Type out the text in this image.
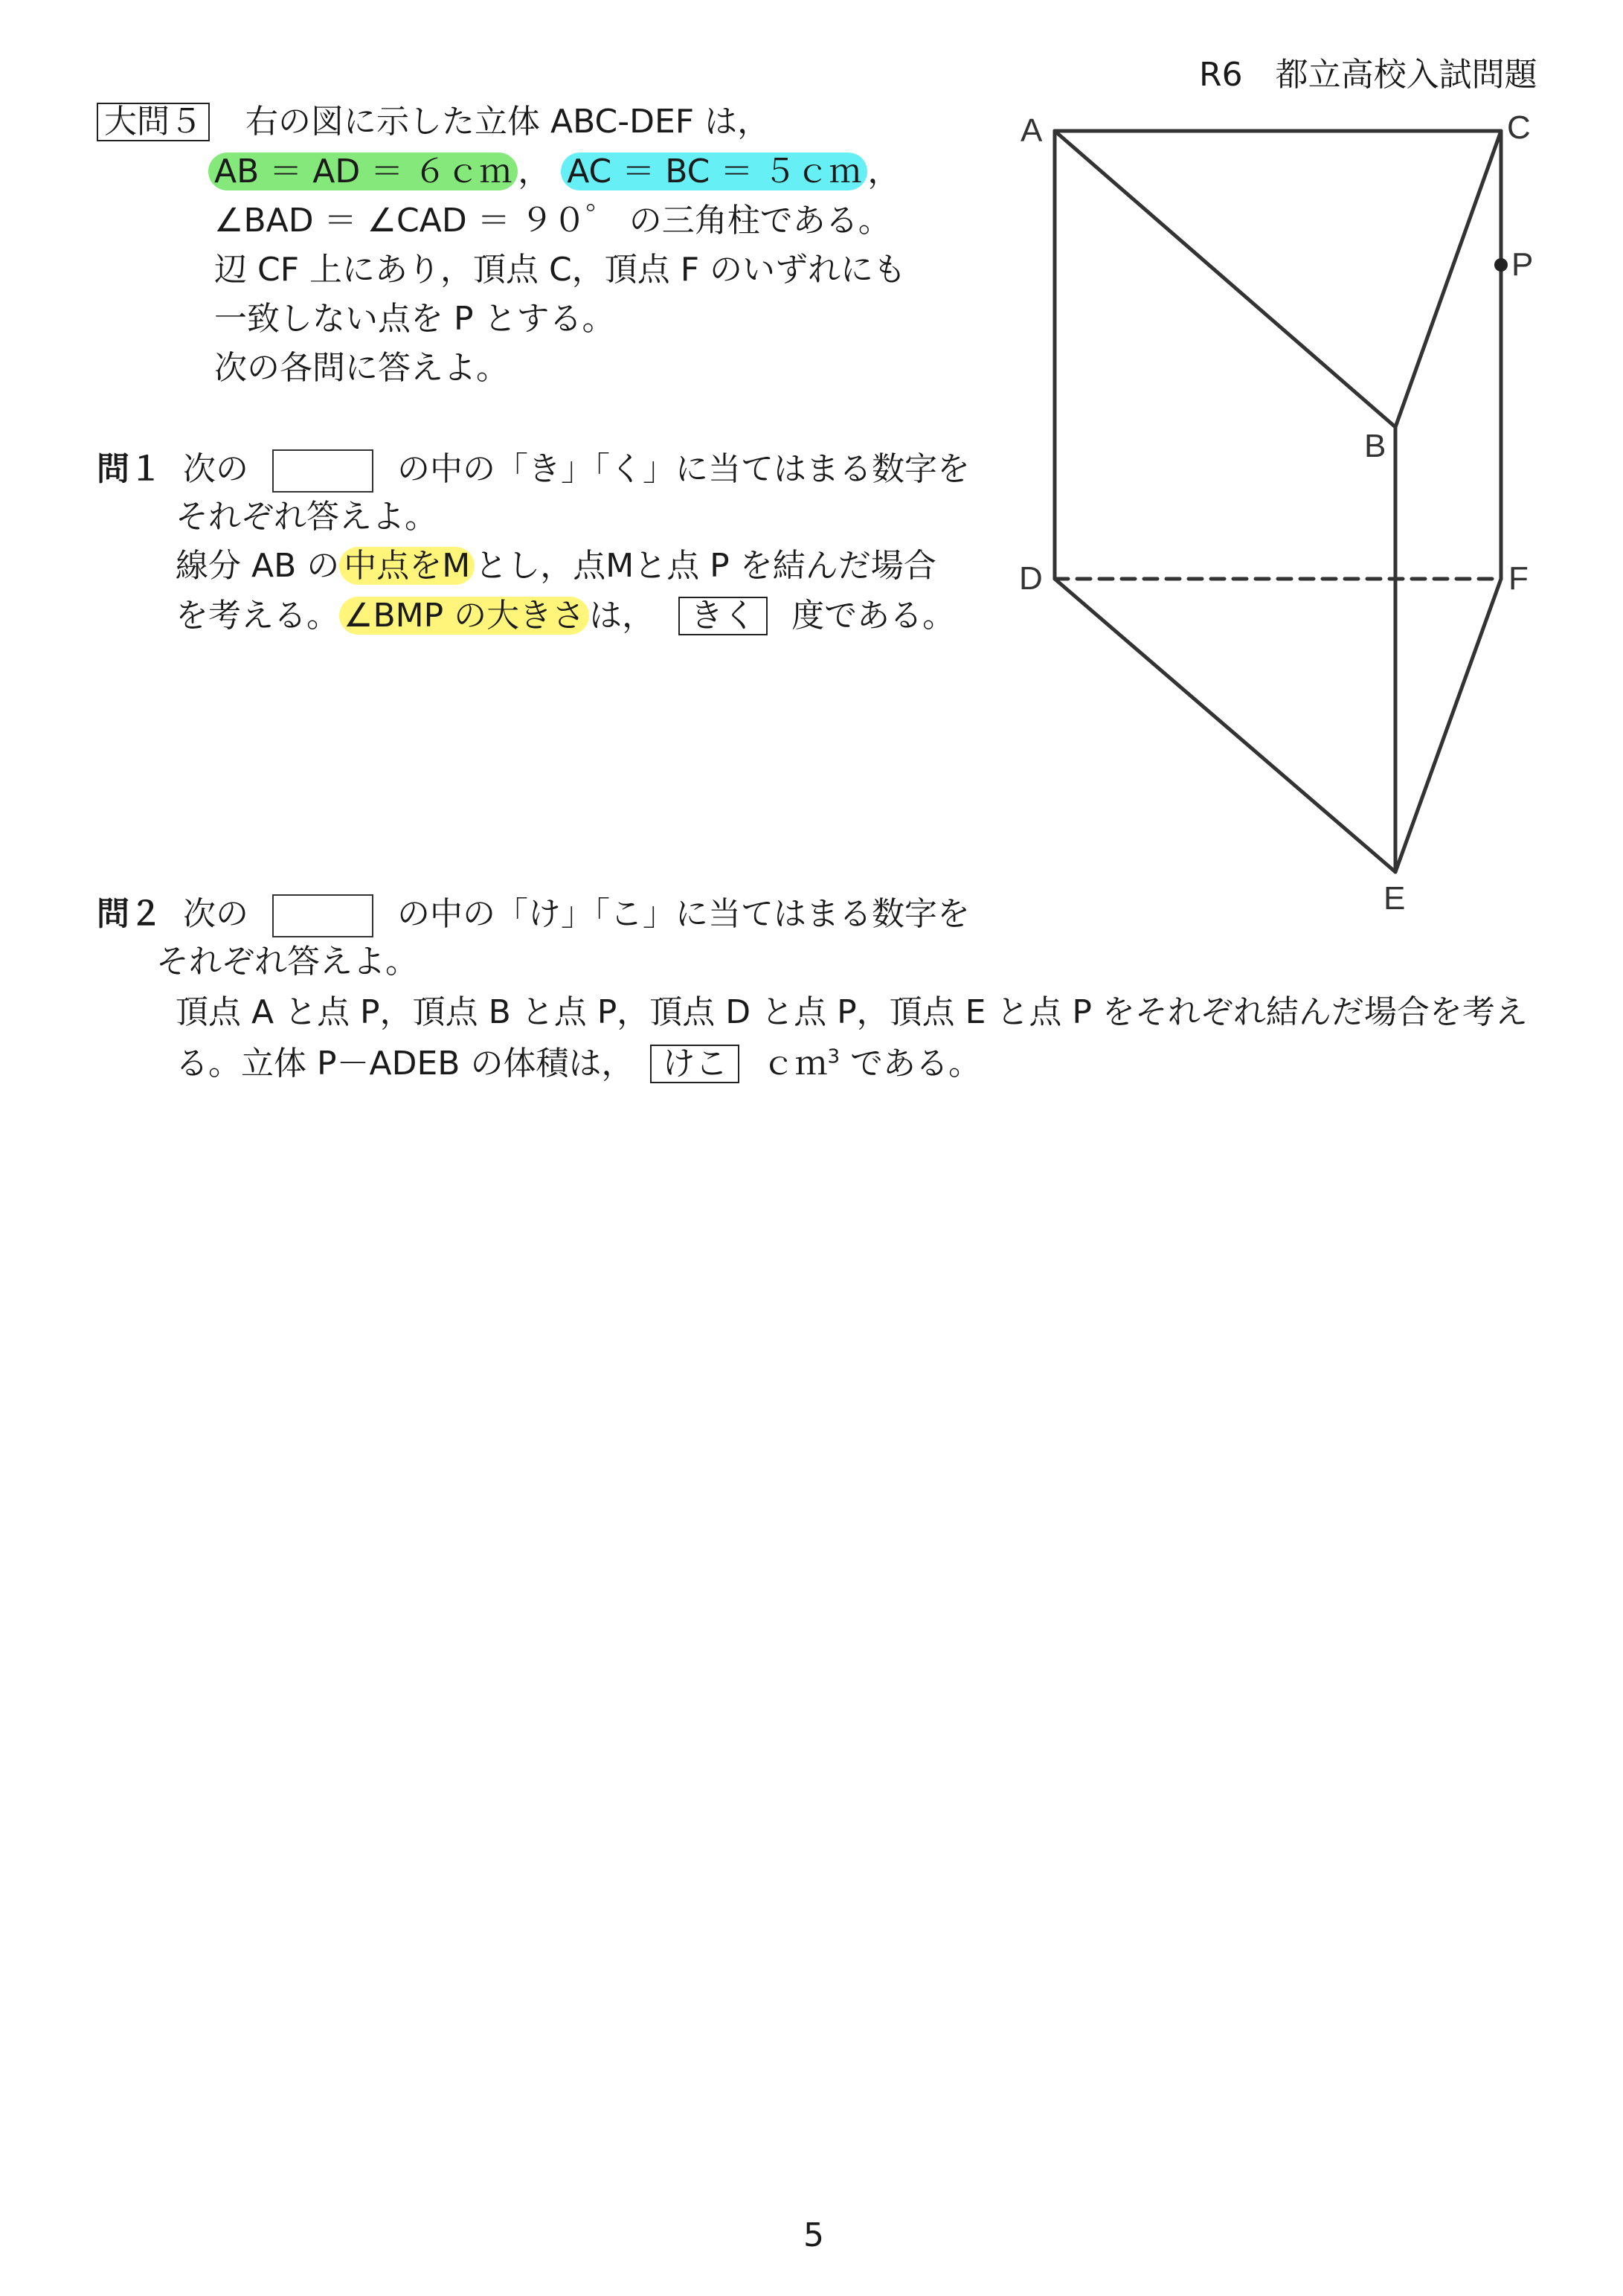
R6　都立高校入試問題
大問５ 右の図に示した立体 ABC-DEF は，
AB ＝ AD ＝ ６ｃｍ ， AC ＝ BC ＝ ５ｃｍ ，
∠BAD ＝ ∠CAD ＝ ９０゜ の三角柱である。
辺 CF 上にあり，頂点 C，頂点 F のいずれにも
一致しない点を P とする。
次の各問に答えよ。
問１ 次の	の中の「き」「く」に当てはまる数字を
それぞれ答えよ。
線分 AB の 中点をM とし，点Mと点 P を結んだ場合
を考える。 ∠BMP の大きさ は， きく 度である。
問２ 次の	の中の「け」「こ」に当てはまる数字を
それぞれ答えよ。
頂点 A と点 P，頂点 B と点 P，頂点 D と点 P，頂点 E と点 P をそれぞれ結んだ場合を考え
る。立体 P－ADEB の体積は， けこ ｃｍ$^3$ である。
A	C
P
B
D	F
E
5
